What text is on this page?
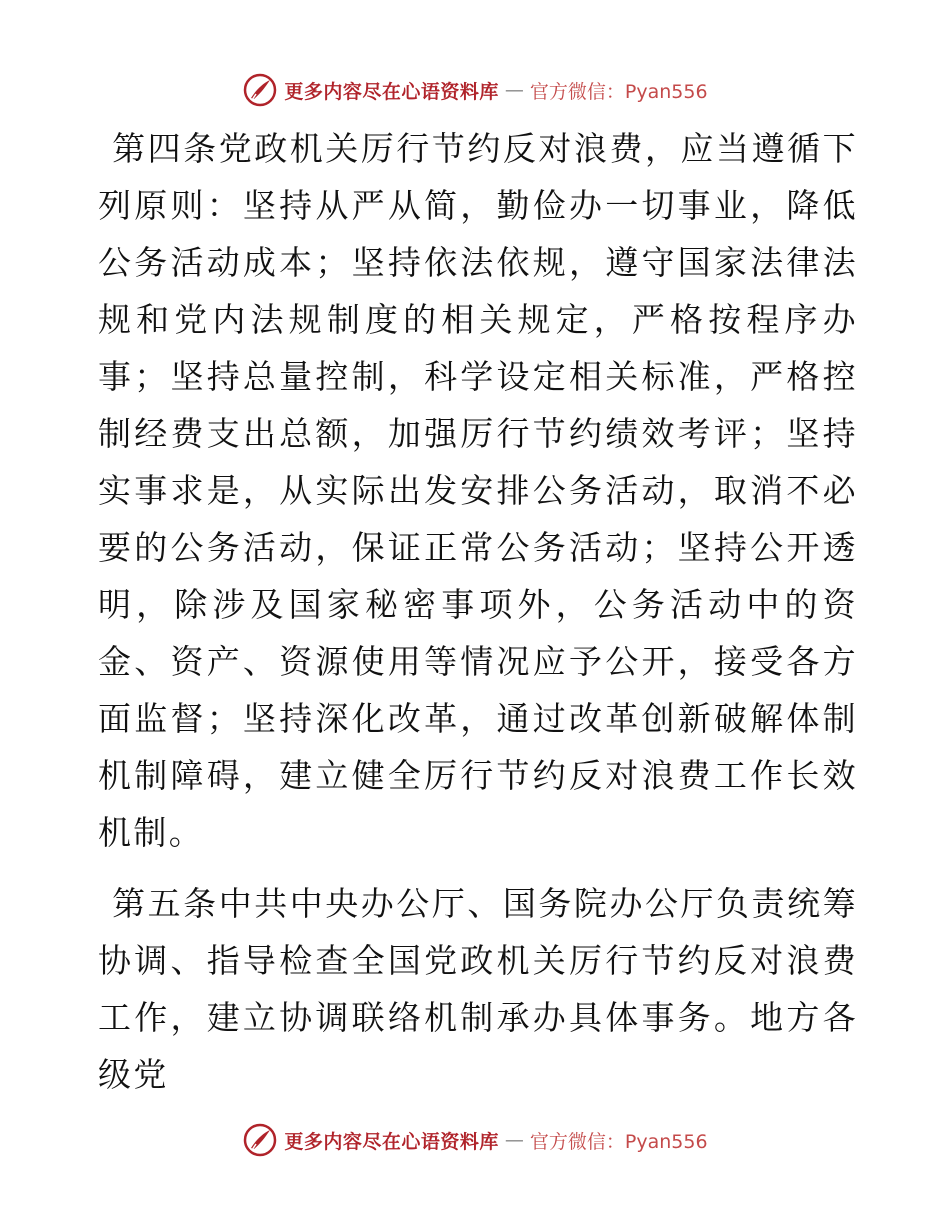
更多内容尽在心语资料库 — 官方微信：Pyan556

第四条党政机关厉行节约反对浪费，应当遵循下列原则：坚持从严从简，勤俭办一切事业，降低公务活动成本；坚持依法依规，遵守国家法律法规和党内法规制度的相关规定，严格按程序办事；坚持总量控制，科学设定相关标准，严格控制经费支出总额，加强厉行节约绩效考评；坚持实事求是，从实际出发安排公务活动，取消不必要的公务活动，保证正常公务活动；坚持公开透明，除涉及国家秘密事项外，公务活动中的资金、资产、资源使用等情况应予公开，接受各方面监督；坚持深化改革，通过改革创新破解体制机制障碍，建立健全厉行节约反对浪费工作长效机制。

第五条中共中央办公厅、国务院办公厅负责统筹协调、指导检查全国党政机关厉行节约反对浪费工作，建立协调联络机制承办具体事务。地方各级党

更多内容尽在心语资料库 — 官方微信：Pyan556
